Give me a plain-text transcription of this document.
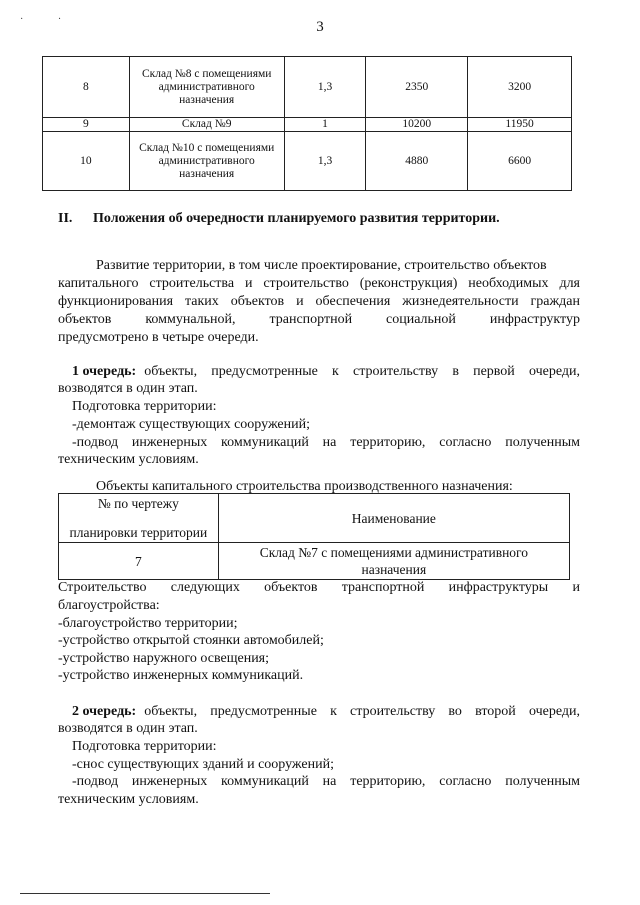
· ·	3
8	Склад №8 с помещениями административного назначения	1,3	2350	3200
9	Склад №9	1	10200	11950
10	Склад №10 с помещениями административного назначения	1,3	4880	6600
II. Положения об очередности планируемого развития территории.
Развитие территории, в том числе проектирование, строительство объектов
капитального строительства и строительство (реконструкция) необходимых для
функционирования таких объектов и обеспечения жизнедеятельности граждан
объектов коммунальной, транспортной социальной инфраструктур
предусмотрено в четыре очереди.
1 очередь: объекты, предусмотренные к строительству в первой очереди,
возводятся в один этап.
Подготовка территории:
-демонтаж существующих сооружений;
-подвод инженерных коммуникаций на территорию, согласно полученным
техническим условиям.
Объекты капитального строительства производственного назначения:
№ по чертежу
планировки территории	Наименование
7	Склад №7 с помещениями административного
назначения
Строительство следующих объектов транспортной инфраструктуры и
благоустройства:
-благоустройство территории;
-устройство открытой стоянки автомобилей;
-устройство наружного освещения;
-устройство инженерных коммуникаций.
2 очередь: объекты, предусмотренные к строительству во второй очереди,
возводятся в один этап.
Подготовка территории:
-снос существующих зданий и сооружений;
-подвод инженерных коммуникаций на территорию, согласно полученным
техническим условиям.
